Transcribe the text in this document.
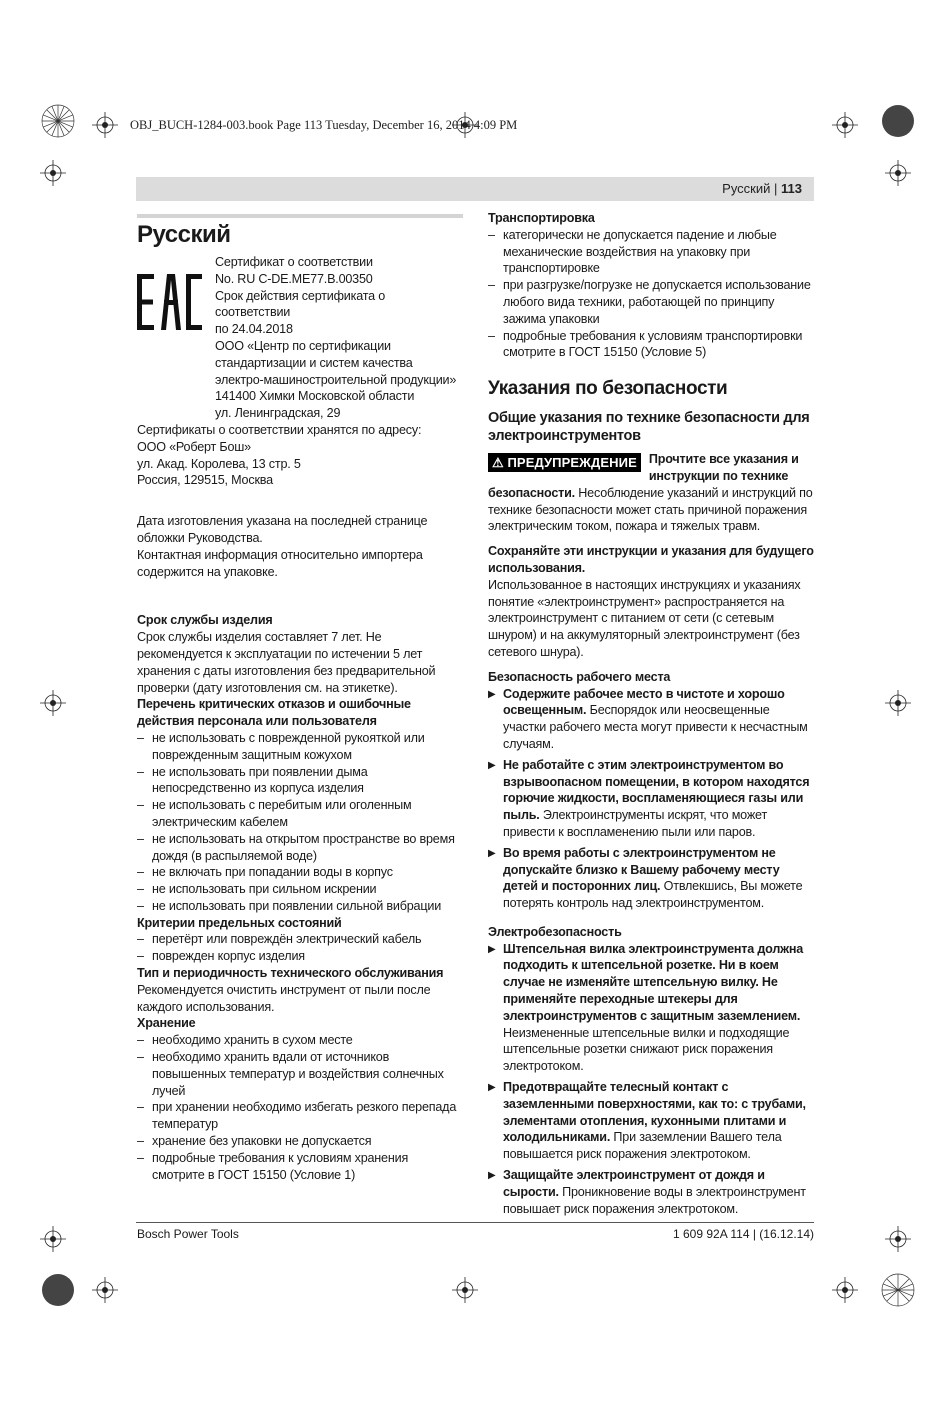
OBJ_BUCH-1284-003.book Page 113 Tuesday, December 16, 2014 4:09 PM
Русский | 113
Русский
Сертификат о соответствии
No. RU C-DE.ME77.B.00350
Срок действия сертификата о соответствии
по 24.04.2018
ООО «Центр по сертификации
стандартизации и систем качества
электро-машиностроительной продукции»
141400 Химки Московской области
ул. Ленинградская, 29
Сертификаты о соответствии хранятся по адресу:
ООО «Роберт Бош»
ул. Акад. Королева, 13 стр. 5
Россия, 129515, Москва

Дата изготовления указана на последней странице обложки Руководства.

Контактная информация относительно импортера содержится на упаковке.

Срок службы изделия

Срок службы изделия составляет 7 лет. Не рекомендуется к эксплуатации по истечении 5 лет хранения с даты изготовления без предварительной проверки (дату изготовления см. на этикетке).

Перечень критических отказов и ошибочные действия персонала или пользователя

– не использовать с поврежденной рукояткой или поврежденным защитным кожухом
– не использовать при появлении дыма непосредственно из корпуса изделия
– не использовать с перебитым или оголенным электрическим кабелем
– не использовать на открытом пространстве во время дождя (в распыляемой воде)
– не включать при попадании воды в корпус
– не использовать при сильном искрении
– не использовать при появлении сильной вибрации

Критерии предельных состояний

– перетёрт или повреждён электрический кабель
– поврежден корпус изделия

Тип и периодичность технического обслуживания

Рекомендуется очистить инструмент от пыли после каждого использования.

Хранение

– необходимо хранить в сухом месте
– необходимо хранить вдали от источников повышенных температур и воздействия солнечных лучей
– при хранении необходимо избегать резкого перепада температур
– хранение без упаковки не допускается
– подробные требования к условиям хранения смотрите в ГОСТ 15150 (Условие 1)

Транспортировка

– категорически не допускается падение и любые механические воздействия на упаковку при транспортировке
– при разгрузке/погрузке не допускается использование любого вида техники, работающей по принципу зажима упаковки
– подробные требования к условиям транспортировки смотрите в ГОСТ 15150 (Условие 5)
Указания по безопасности
Общие указания по технике безопасности для электроинструментов
⚠ ПРЕДУПРЕЖДЕНИЕ Прочтите все указания и инструкции по технике безопасности. Несоблюдение указаний и инструкций по технике безопасности может стать причиной поражения электрическим током, пожара и тяжелых травм.

Сохраняйте эти инструкции и указания для будущего использования.

Использованное в настоящих инструкциях и указаниях понятие «электроинструмент» распространяется на электроинструмент с питанием от сети (с сетевым шнуром) и на аккумуляторный электроинструмент (без сетевого шнура).

Безопасность рабочего места

▶ Содержите рабочее место в чистоте и хорошо освещенным. Беспорядок или неосвещенные участки рабочего места могут привести к несчастным случаям.
▶ Не работайте с этим электроинструментом во взрывоопасном помещении, в котором находятся горючие жидкости, воспламеняющиеся газы или пыль. Электроинструменты искрят, что может привести к воспламенению пыли или паров.
▶ Во время работы с электроинструментом не допускайте близко к Вашему рабочему месту детей и посторонних лиц. Отвлекшись, Вы можете потерять контроль над электроинструментом.

Электробезопасность

▶ Штепсельная вилка электроинструмента должна подходить к штепсельной розетке. Ни в коем случае не изменяйте штепсельную вилку. Не применяйте переходные штекеры для электроинструментов с защитным заземлением. Неизмененные штепсельные вилки и подходящие штепсельные розетки снижают риск поражения электротоком.
▶ Предотвращайте телесный контакт с заземленными поверхностями, как то: с трубами, элементами отопления, кухонными плитами и холодильниками. При заземлении Вашего тела повышается риск поражения электротоком.
▶ Защищайте электроинструмент от дождя и сырости. Проникновение воды в электроинструмент повышает риск поражения электротоком.
Bosch Power Tools	1 609 92A 114 | (16.12.14)
